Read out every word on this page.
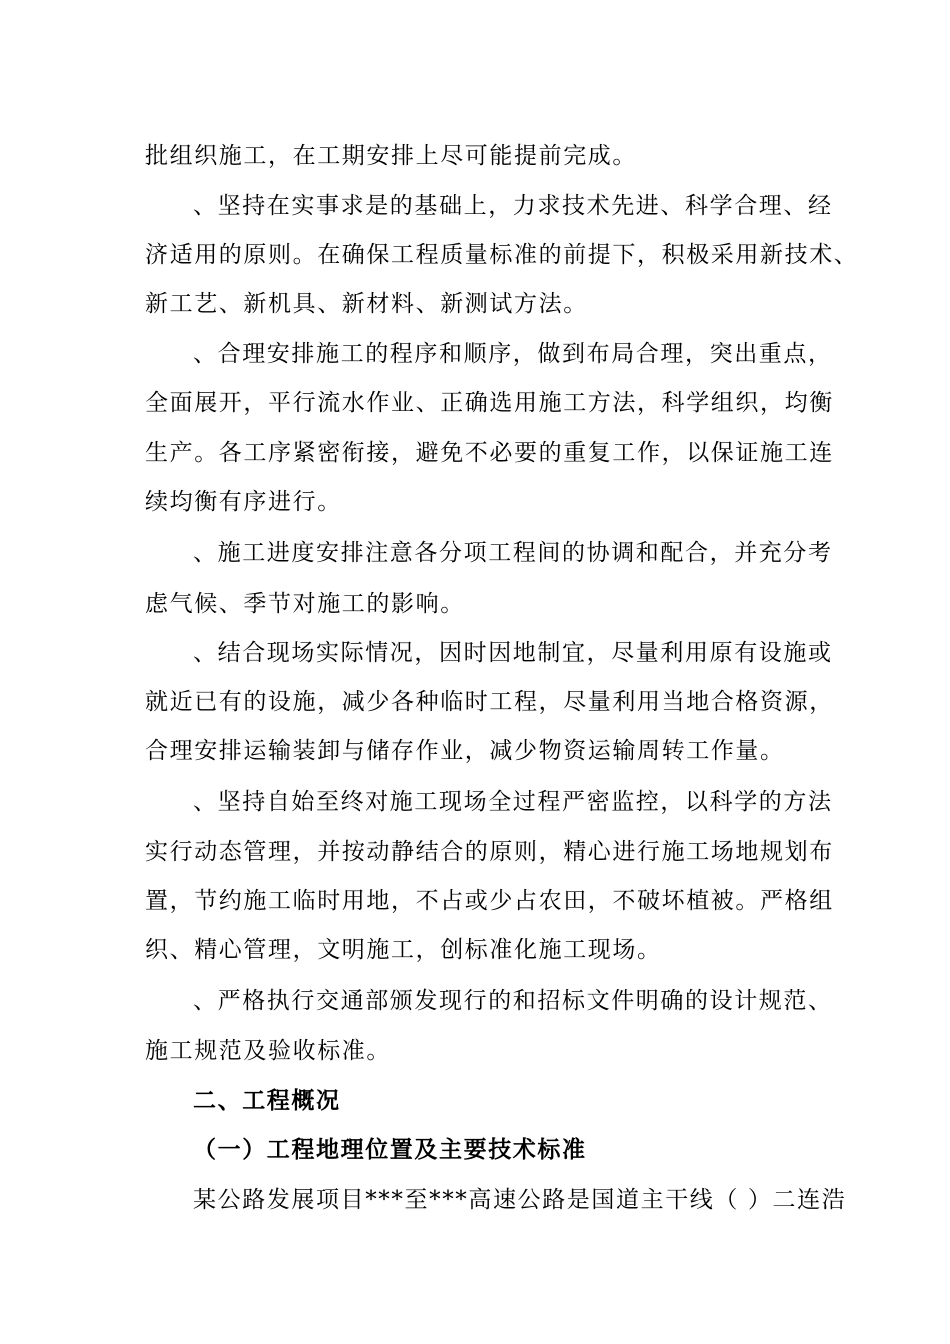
批组织施工，在工期安排上尽可能提前完成。
、坚持在实事求是的基础上，力求技术先进、科学合理、经
济适用的原则。在确保工程质量标准的前提下，积极采用新技术、
新工艺、新机具、新材料、新测试方法。
、合理安排施工的程序和顺序，做到布局合理，突出重点，
全面展开，平行流水作业、正确选用施工方法，科学组织，均衡
生产。各工序紧密衔接，避免不必要的重复工作，以保证施工连
续均衡有序进行。
、施工进度安排注意各分项工程间的协调和配合，并充分考
虑气候、季节对施工的影响。
、结合现场实际情况，因时因地制宜，尽量利用原有设施或
就近已有的设施，减少各种临时工程，尽量利用当地合格资源，
合理安排运输装卸与储存作业，减少物资运输周转工作量。
、坚持自始至终对施工现场全过程严密监控，以科学的方法
实行动态管理，并按动静结合的原则，精心进行施工场地规划布
置，节约施工临时用地，不占或少占农田，不破坏植被。严格组
织、精心管理，文明施工，创标准化施工现场。
、严格执行交通部颁发现行的和招标文件明确的设计规范、
施工规范及验收标准。
二、工程概况
（一）工程地理位置及主要技术标准
某公路发展项目***至***高速公路是国道主干线（ ）二连浩
